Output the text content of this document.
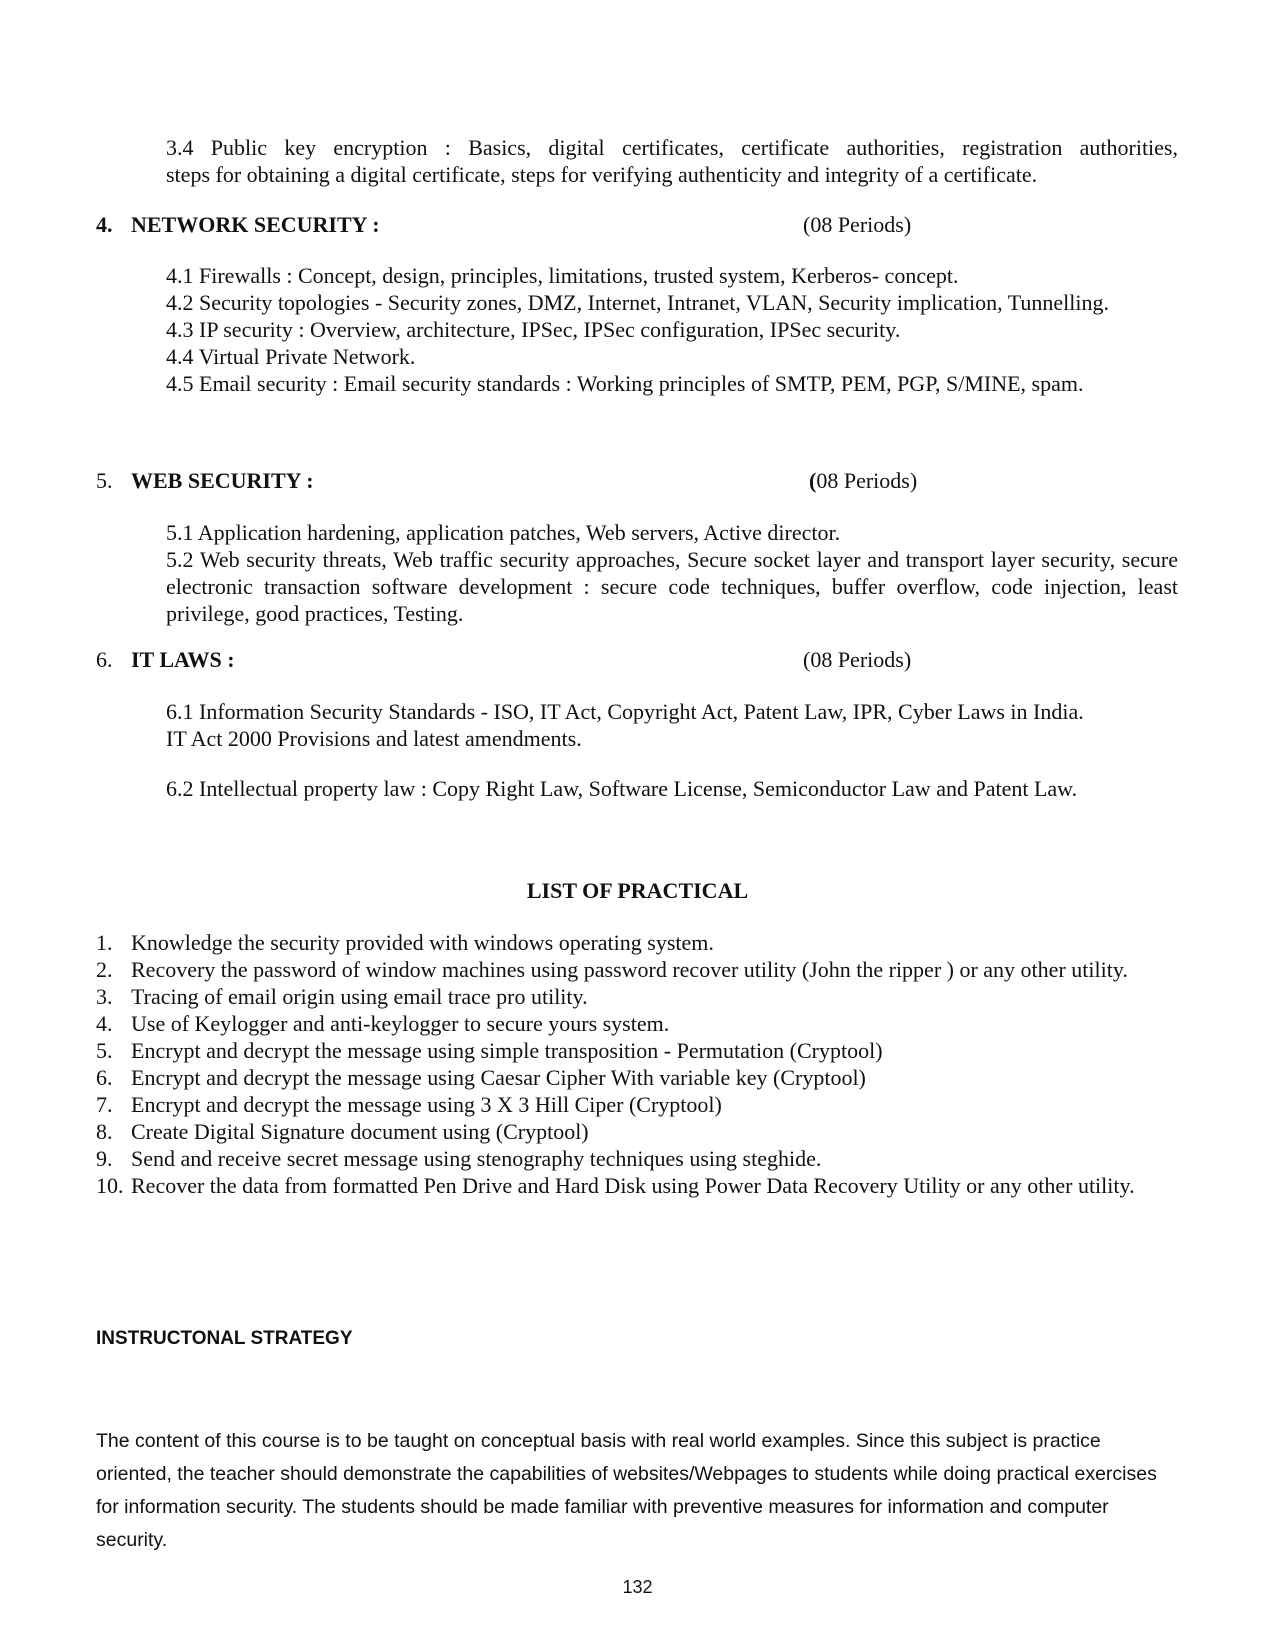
3.4 Public key encryption : Basics, digital certificates, certificate authorities, registration authorities,
steps for obtaining a digital certificate, steps for verifying authenticity and integrity of a certificate.
4. NETWORK SECURITY :	(08 Periods)
4.1 Firewalls : Concept, design, principles, limitations, trusted system, Kerberos- concept.
4.2 Security topologies - Security zones, DMZ, Internet, Intranet, VLAN, Security implication, Tunnelling.
4.3 IP security : Overview, architecture, IPSec, IPSec configuration, IPSec security.
4.4 Virtual Private Network.
4.5 Email security : Email security standards : Working principles of SMTP, PEM, PGP, S/MINE, spam.
5. WEB SECURITY :	(08 Periods)
5.1 Application hardening, application patches, Web servers, Active director.
5.2 Web security threats, Web traffic security approaches, Secure socket layer and transport layer security, secure electronic transaction software development : secure code techniques, buffer overflow, code injection, least privilege, good practices, Testing.
6. IT LAWS :	(08 Periods)
6.1 Information Security Standards - ISO, IT Act, Copyright Act, Patent Law, IPR, Cyber Laws in India.
IT Act 2000 Provisions and latest amendments.
6.2 Intellectual property law : Copy Right Law, Software License, Semiconductor Law and Patent Law.
LIST OF PRACTICAL
1. Knowledge the security provided with windows operating system.
2. Recovery the password of window machines using password recover utility (John the ripper ) or any other utility.
3. Tracing of email origin using email trace pro utility.
4. Use of Keylogger and anti-keylogger to secure yours system.
5. Encrypt and decrypt the message using simple transposition - Permutation (Cryptool)
6. Encrypt and decrypt the message using Caesar Cipher With variable key (Cryptool)
7. Encrypt and decrypt the message using 3 X 3 Hill Ciper (Cryptool)
8. Create Digital Signature document using (Cryptool)
9. Send and receive secret message using stenography techniques using steghide.
10. Recover the data from formatted Pen Drive and Hard Disk using Power Data Recovery Utility or any other utility.
INSTRUCTONAL STRATEGY
The content of this course is to be taught on conceptual basis with real world examples. Since this subject is practice oriented, the teacher should demonstrate the capabilities of websites/Webpages to students while doing practical exercises for information security. The students should be made familiar with preventive measures for information and computer security.
132
